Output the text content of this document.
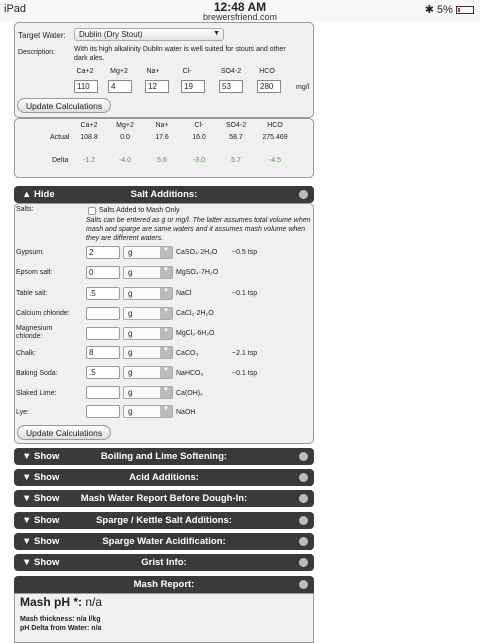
iPad	12:48 AM
brewersfriend.com
✱ 5%
Target Water:	Dublin (Dry Stout)	▼
Description:	With its high alkalinity Dublin water is well suited for stouts and other dark ales.
Ca+2	Mg+2	Na+	Cl-	SO4-2	HCO
110	4	12	19	53	280	mg/l
Update Calculations
Ca+2	Mg+2	Na+	Cl-	SO4-2	HCO
Actual	108.8	0.0	17.6	16.0	58.7	275.469
Delta	-1.2	-4.0	5.6	-3.0	5.7	-4.5
▲ Hide	Salt Additions:
Salts:	Salts Added to Mash Only
Salts can be entered as g or mg/l. The latter assumes total volume when mash and sparge are same waters and it assumes mash volume when they are different waters.
Gypsum:	2	g	▼	CaSO₄·2H₂O ~0.5 tsp
Epsom salt:	0	g	▼	MgSO₄·7H₂O
Table salt:	.5	g	▼	NaCl	~0.1 tsp
Calcium chloride:	g	▼	CaCl₂·2H₂O
Magnesium chloride:	g	▼	MgCl₂·6H₂O
Chalk:	8	g	▼	CaCO₃	~2.1 tsp
Baking Soda:	.5	g	▼	NaHCO₃	~0.1 tsp
Slaked Lime:	g	▼	Ca(OH)₂
Lye:	g	▼	NaOH
Update Calculations
▼ Show	Boiling and Lime Softening:
▼ Show	Acid Additions:
▼ Show	Mash Water Report Before Dough-In:
▼ Show	Sparge / Kettle Salt Additions:
▼ Show	Sparge Water Acidification:
▼ Show	Grist Info:
Mash Report:
Mash pH *: n/a
Mash thickness: n/a l/kg
pH Delta from Water: n/a
